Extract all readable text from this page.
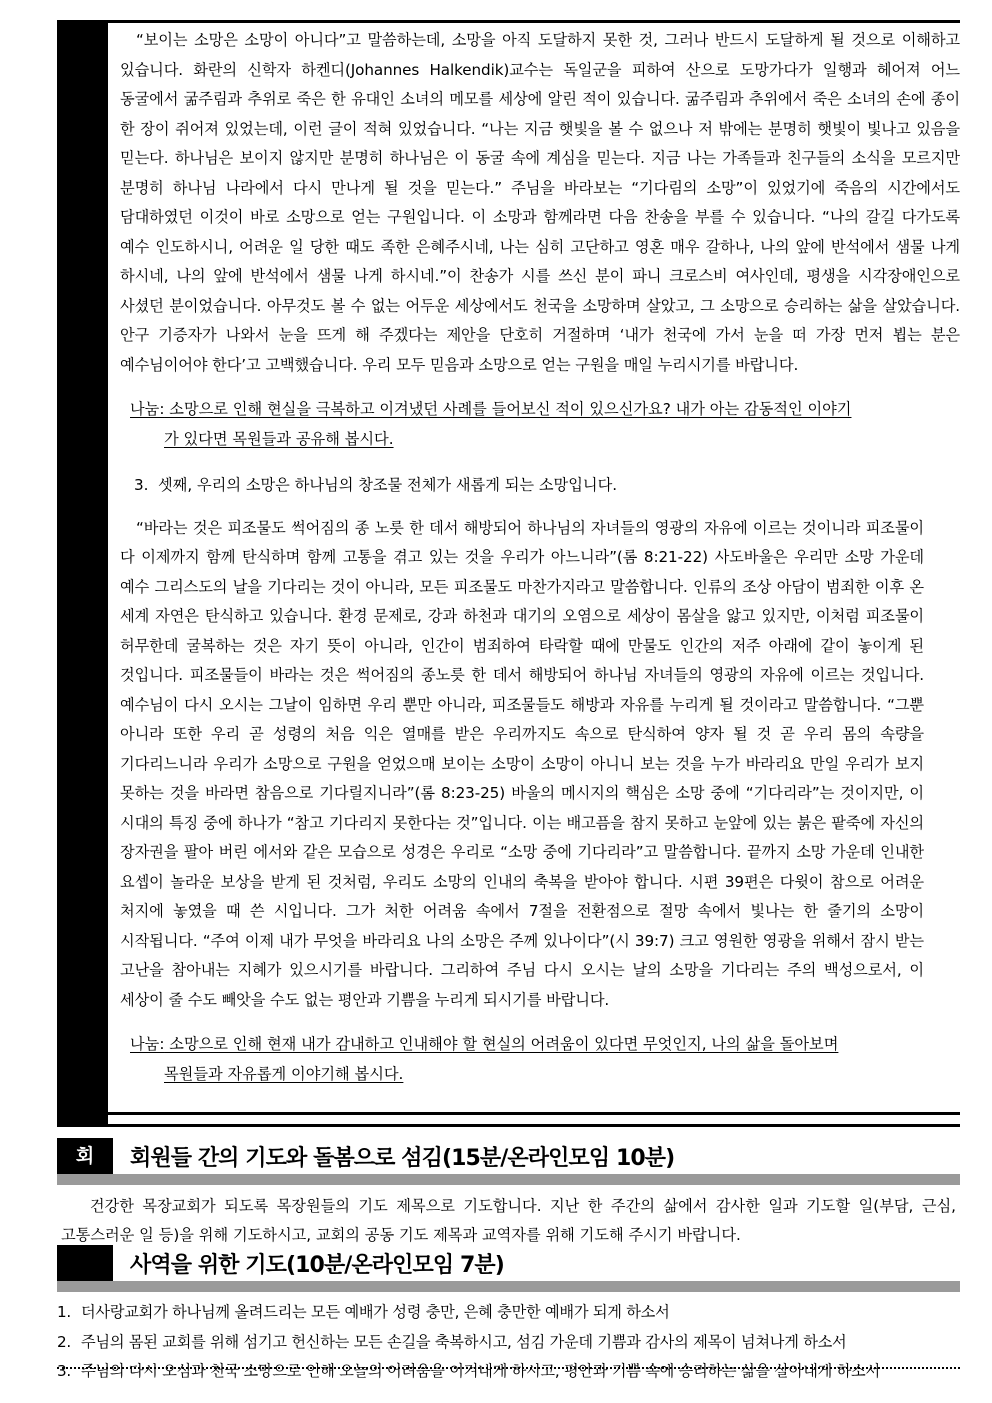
“보이는 소망은 소망이 아니다”고 말씀하는데, 소망을 아직 도달하지 못한 것, 그러나 반드시 도달하게 될 것으로 이해하고 있습니다. 화란의 신학자 하켄디(Johannes Halkendik)교수는 독일군을 피하여 산으로 도망가다가 일행과 헤어져 어느 동굴에서 굶주림과 추위로 죽은 한 유대인 소녀의 메모를 세상에 알린 적이 있습니다. 굶주림과 추위에서 죽은 소녀의 손에 종이 한 장이 쥐어져 있었는데, 이런 글이 적혀 있었습니다. “나는 지금 햇빛을 볼 수 없으나 저 밖에는 분명히 햇빛이 빛나고 있음을 믿는다. 하나님은 보이지 않지만 분명히 하나님은 이 동굴 속에 계심을 믿는다. 지금 나는 가족들과 친구들의 소식을 모르지만 분명히 하나님 나라에서 다시 만나게 될 것을 믿는다.” 주님을 바라보는 “기다림의 소망”이 있었기에 죽음의 시간에서도 담대하였던 이것이 바로 소망으로 얻는 구원입니다. 이 소망과 함께라면 다음 찬송을 부를 수 있습니다. “나의 갈길 다가도록 예수 인도하시니, 어려운 일 당한 때도 족한 은혜주시네, 나는 심히 고단하고 영혼 매우 갈하나, 나의 앞에 반석에서 샘물 나게 하시네, 나의 앞에 반석에서 샘물 나게 하시네.”이 찬송가 시를 쓰신 분이 파니 크로스비 여사인데, 평생을 시각장애인으로 사셨던 분이었습니다. 아무것도 볼 수 없는 어두운 세상에서도 천국을 소망하며 살았고, 그 소망으로 승리하는 삶을 살았습니다. 안구 기증자가 나와서 눈을 뜨게 해 주겠다는 제안을 단호히 거절하며 ‘내가 천국에 가서 눈을 떠 가장 먼저 뵙는 분은 예수님이어야 한다’고 고백했습니다. 우리 모두 믿음과 소망으로 얻는 구원을 매일 누리시기를 바랍니다.

나눔: 소망으로 인해 현실을 극복하고 이겨냈던 사례를 들어보신 적이 있으신가요? 내가 아는 감동적인 이야기
가 있다면 목원들과 공유해 봅시다.
3. 셋째, 우리의 소망은 하나님의 창조물 전체가 새롭게 되는 소망입니다.

“바라는 것은 피조물도 썩어짐의 종 노릇 한 데서 해방되어 하나님의 자녀들의 영광의 자유에 이르는 것이니라 피조물이 다 이제까지 함께 탄식하며 함께 고통을 겪고 있는 것을 우리가 아느니라”(롬 8:21-22) 사도바울은 우리만 소망 가운데 예수 그리스도의 날을 기다리는 것이 아니라, 모든 피조물도 마찬가지라고 말씀합니다. 인류의 조상 아담이 범죄한 이후 온 세계 자연은 탄식하고 있습니다. 환경 문제로, 강과 하천과 대기의 오염으로 세상이 몸살을 앓고 있지만, 이처럼 피조물이 허무한데 굴복하는 것은 자기 뜻이 아니라, 인간이 범죄하여 타락할 때에 만물도 인간의 저주 아래에 같이 놓이게 된 것입니다. 피조물들이 바라는 것은 썩어짐의 종노릇 한 데서 해방되어 하나님 자녀들의 영광의 자유에 이르는 것입니다. 예수님이 다시 오시는 그날이 임하면 우리 뿐만 아니라, 피조물들도 해방과 자유를 누리게 될 것이라고 말씀합니다. “그뿐 아니라 또한 우리 곧 성령의 처음 익은 열매를 받은 우리까지도 속으로 탄식하여 양자 될 것 곧 우리 몸의 속량을 기다리느니라 우리가 소망으로 구원을 얻었으매 보이는 소망이 소망이 아니니 보는 것을 누가 바라리요 만일 우리가 보지 못하는 것을 바라면 참음으로 기다릴지니라”(롬 8:23-25) 바울의 메시지의 핵심은 소망 중에 “기다리라”는 것이지만, 이 시대의 특징 중에 하나가 “참고 기다리지 못한다는 것”입니다. 이는 배고픔을 참지 못하고 눈앞에 있는 붉은 팥죽에 자신의 장자권을 팔아 버린 에서와 같은 모습으로 성경은 우리로 “소망 중에 기다리라”고 말씀합니다. 끝까지 소망 가운데 인내한 요셉이 놀라운 보상을 받게 된 것처럼, 우리도 소망의 인내의 축복을 받아야 합니다. 시편 39편은 다윗이 참으로 어려운 처지에 놓였을 때 쓴 시입니다. 그가 처한 어려움 속에서 7절을 전환점으로 절망 속에서 빛나는 한 줄기의 소망이 시작됩니다. “주여 이제 내가 무엇을 바라리요 나의 소망은 주께 있나이다”(시 39:7) 크고 영원한 영광을 위해서 잠시 받는 고난을 참아내는 지혜가 있으시기를 바랍니다. 그리하여 주님 다시 오시는 날의 소망을 기다리는 주의 백성으로서, 이 세상이 줄 수도 빼앗을 수도 없는 평안과 기쁨을 누리게 되시기를 바랍니다.

나눔: 소망으로 인해 현재 내가 감내하고 인내해야 할 현실의 어려움이 있다면 무엇인지, 나의 삶을 돌아보며
목원들과 자유롭게 이야기해 봅시다.
회	회원들 간의 기도와 돌봄으로 섬김(15분/온라인모임 10분)
건강한 목장교회가 되도록 목장원들의 기도 제목으로 기도합니다. 지난 한 주간의 삶에서 감사한 일과 기도할 일(부담, 근심, 고통스러운 일 등)을 위해 기도하시고, 교회의 공동 기도 제목과 교역자를 위해 기도해 주시기 바랍니다.
사역을 위한 기도(10분/온라인모임 7분)
1. 더사랑교회가 하나님께 올려드리는 모든 예배가 성령 충만, 은혜 충만한 예배가 되게 하소서
2. 주님의 몸된 교회를 위해 섬기고 헌신하는 모든 손길을 축복하시고, 섬김 가운데 기쁨과 감사의 제목이 넘쳐나게 하소서
3. 주님의 다시 오심과 천국 소망으로 인해 오늘의 어려움을 이겨내게 하시고, 평안과 기쁨 속에 승리하는 삶을 살아내게 하소서
